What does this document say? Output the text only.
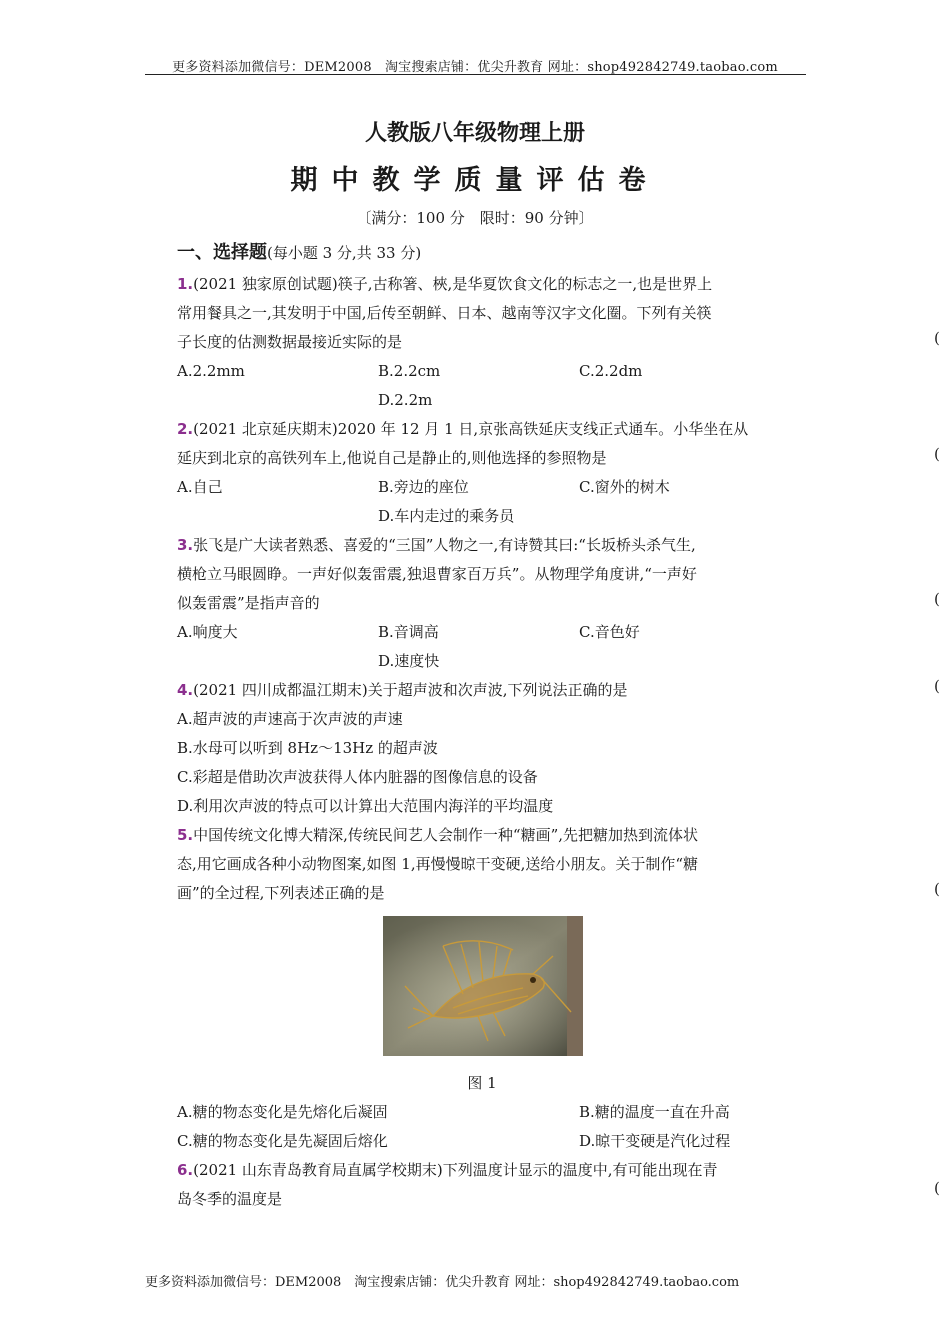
更多资料添加微信号：DEM2008　淘宝搜索店铺：优尖升教育 网址：shop492842749.taobao.com
人教版八年级物理上册
期中教学质量评估卷
〔满分：100 分　限时：90 分钟〕
一、选择题(每小题 3 分,共 33 分)
1.(2021 独家原创试题)筷子,古称箸、梜,是华夏饮食文化的标志之一,也是世界上
常用餐具之一,其发明于中国,后传至朝鲜、日本、越南等汉字文化圈。下列有关筷
子长度的估测数据最接近实际的是
A.2.2mm	B.2.2cm	C.2.2dm
D.2.2m
2.(2021 北京延庆期末)2020 年 12 月 1 日,京张高铁延庆支线正式通车。小华坐在从
延庆到北京的高铁列车上,他说自己是静止的,则他选择的参照物是
A.自己	B.旁边的座位	C.窗外的树木
D.车内走过的乘务员
3.张飞是广大读者熟悉、喜爱的“三国”人物之一,有诗赞其曰:“长坂桥头杀气生,
横枪立马眼圆睁。一声好似轰雷震,独退曹家百万兵”。从物理学角度讲,“一声好
似轰雷震”是指声音的
A.响度大	B.音调高	C.音色好
D.速度快
4.(2021 四川成都温江期末)关于超声波和次声波,下列说法正确的是
A.超声波的声速高于次声波的声速
B.水母可以听到 8Hz～13Hz 的超声波
C.彩超是借助次声波获得人体内脏器的图像信息的设备
D.利用次声波的特点可以计算出大范围内海洋的平均温度
5.中国传统文化博大精深,传统民间艺人会制作一种“糖画”,先把糖加热到流体状
态,用它画成各种小动物图案,如图 1,再慢慢晾干变硬,送给小朋友。关于制作“糖
画”的全过程,下列表述正确的是
图 1
A.糖的物态变化是先熔化后凝固	B.糖的温度一直在升高
C.糖的物态变化是先凝固后熔化	D.晾干变硬是汽化过程
6.(2021 山东青岛教育局直属学校期末)下列温度计显示的温度中,有可能出现在青
岛冬季的温度是
(
(
(
(
(
(
更多资料添加微信号：DEM2008　淘宝搜索店铺：优尖升教育 网址：shop492842749.taobao.com
